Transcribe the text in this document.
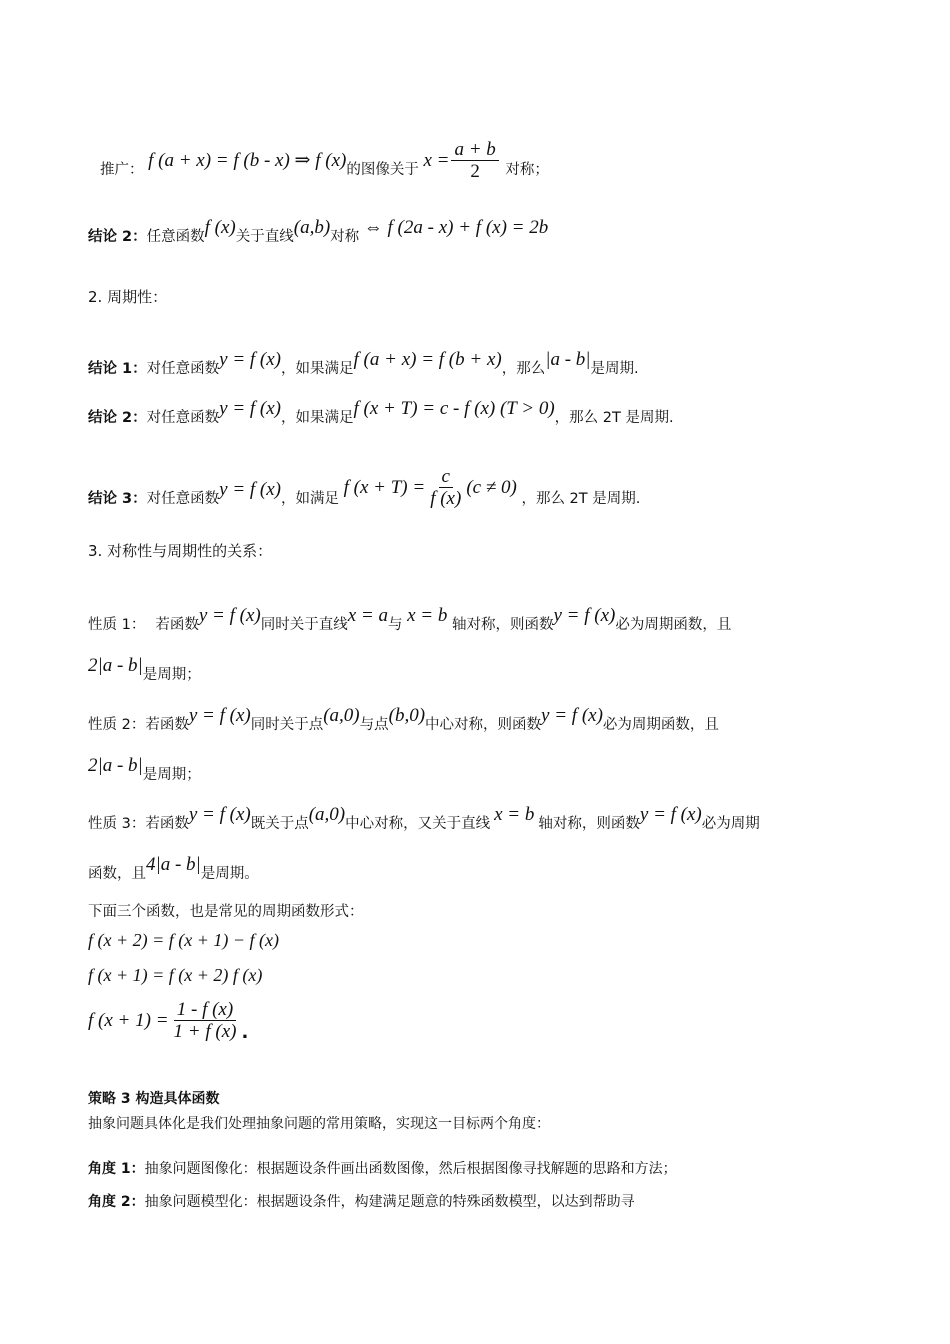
推广： f (a + x) = f (b - x) ⇒ f (x)的图像关于 $x = \frac{a + b}{2}$ 对称；
结论 2：任意函数f (x)关于直线(a,b)对称 ⇔ f (2a - x) + f (x) = 2b
2. 周期性：
结论 1：对任意函数y = f (x)，如果满足f (a + x) = f (b + x)，那么|a - b|是周期.
结论 2：对任意函数y = f (x)，如果满足f (x + T) = c - f (x) (T > 0)，那么 2T 是周期.
结论 3：对任意函数y = f (x)，如满足 f $(x + T) = \frac{c}{f (x)} (c \ne 0)$ ，那么 2T 是周期.
3. 对称性与周期性的关系：
性质 1： 若函数y = f (x)同时关于直线x = a与 x = b 轴对称，则函数y = f (x)必为周期函数，且
2|a - b|是周期；
性质 2：若函数y = f (x)同时关于点(a,0)与点(b,0)中心对称，则函数y = f (x)必为周期函数，且
2|a - b|是周期；
性质 3：若函数y = f (x)既关于点(a,0)中心对称，又关于直线 x = b 轴对称，则函数y = f (x)必为周期
函数，且4|a - b|是周期。
下面三个函数，也是常见的周期函数形式：
f (x + 2) = f (x + 1) − f (x)
f (x + 1) = f (x + 2) f (x)
f $(x + 1) = \frac{1 - f (x)}{1 + f (x)}$ .
策略 3 构造具体函数
抽象问题具体化是我们处理抽象问题的常用策略，实现这一目标两个角度：
角度 1：抽象问题图像化：根据题设条件画出函数图像，然后根据图像寻找解题的思路和方法；
角度 2：抽象问题模型化：根据题设条件，构建满足题意的特殊函数模型，以达到帮助寻
